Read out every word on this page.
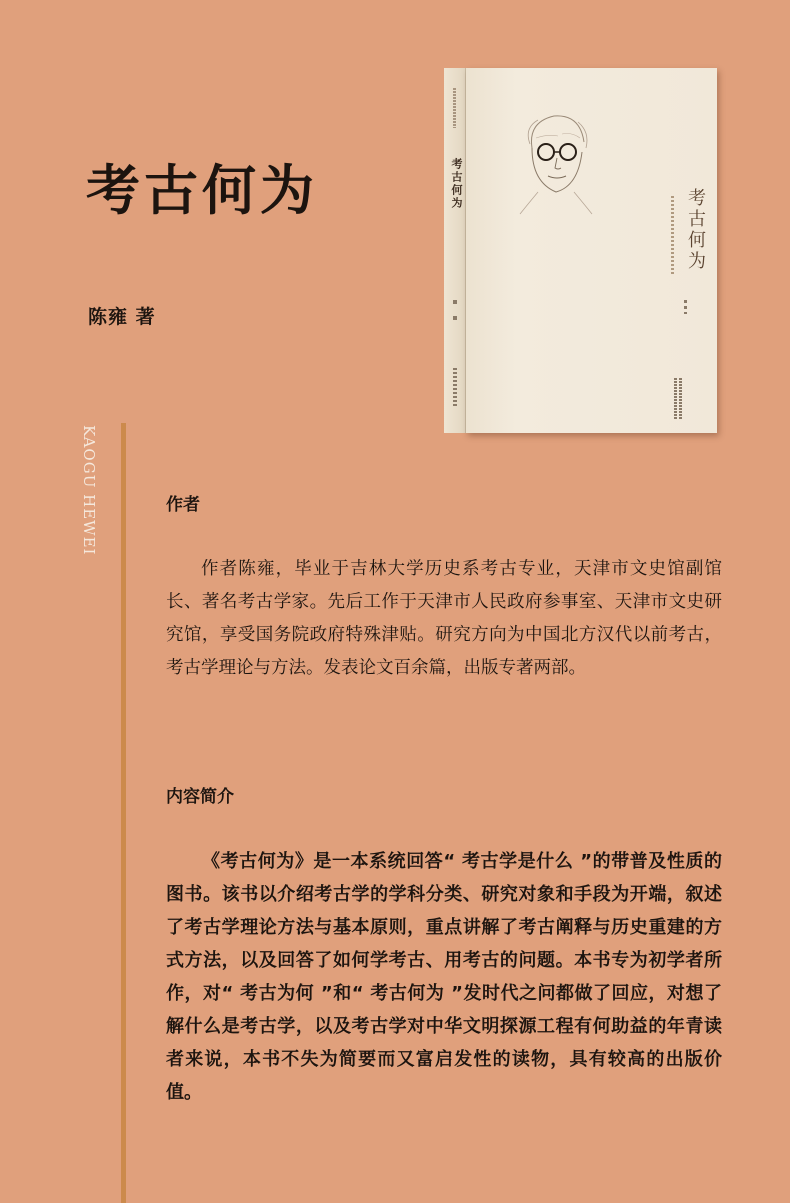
考古何为
陈雍 著
KAOGU HEWEI
考古何为
考古何为
作者

作者陈雍，毕业于吉林大学历史系考古专业，天津市文史馆副馆长、著名考古学家。先后工作于天津市人民政府参事室、天津市文史研究馆，享受国务院政府特殊津贴。研究方向为中国北方汉代以前考古，考古学理论与方法。发表论文百余篇，出版专著两部。

内容简介

《考古何为》是一本系统回答“ 考古学是什么 ”的带普及性质的图书。该书以介绍考古学的学科分类、研究对象和手段为开端，叙述了考古学理论方法与基本原则，重点讲解了考古阐释与历史重建的方式方法，以及回答了如何学考古、用考古的问题。本书专为初学者所作，对“ 考古为何 ”和“ 考古何为 ”发时代之问都做了回应，对想了解什么是考古学，以及考古学对中华文明探源工程有何助益的年青读者来说，本书不失为简要而又富启发性的读物，具有较高的出版价值。
